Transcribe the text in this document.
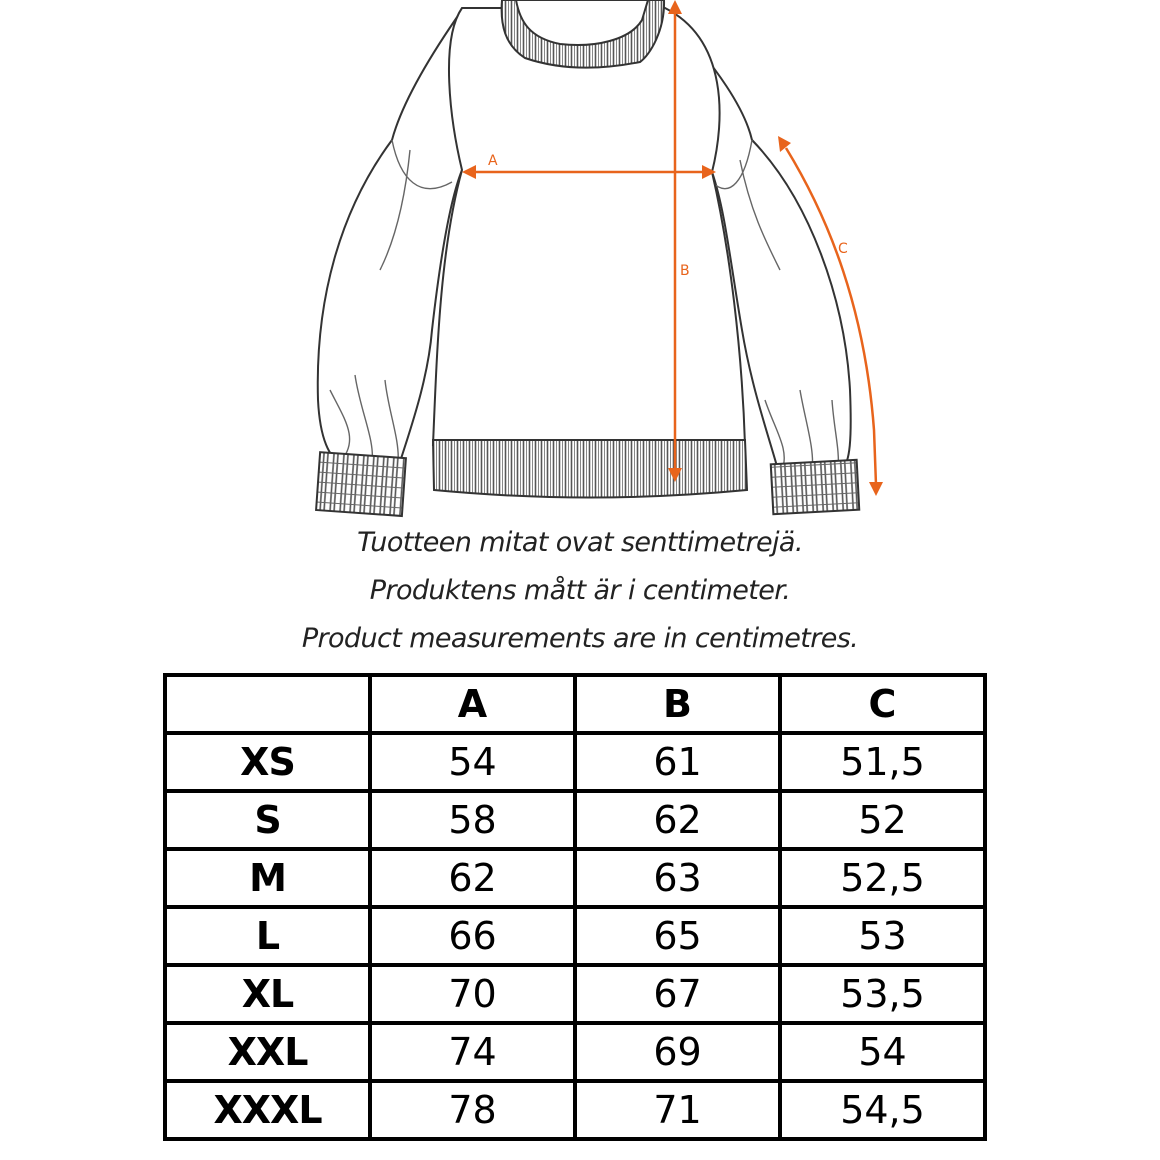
A
B
C
Tuotteen mitat ovat senttimetrejä.
Produktens mått är i centimeter.
Product measurements are in centimetres.
	A	B	C
XS	54	61	51,5
S	58	62	52
M	62	63	52,5
L	66	65	53
XL	70	67	53,5
XXL	74	69	54
XXXL	78	71	54,5
